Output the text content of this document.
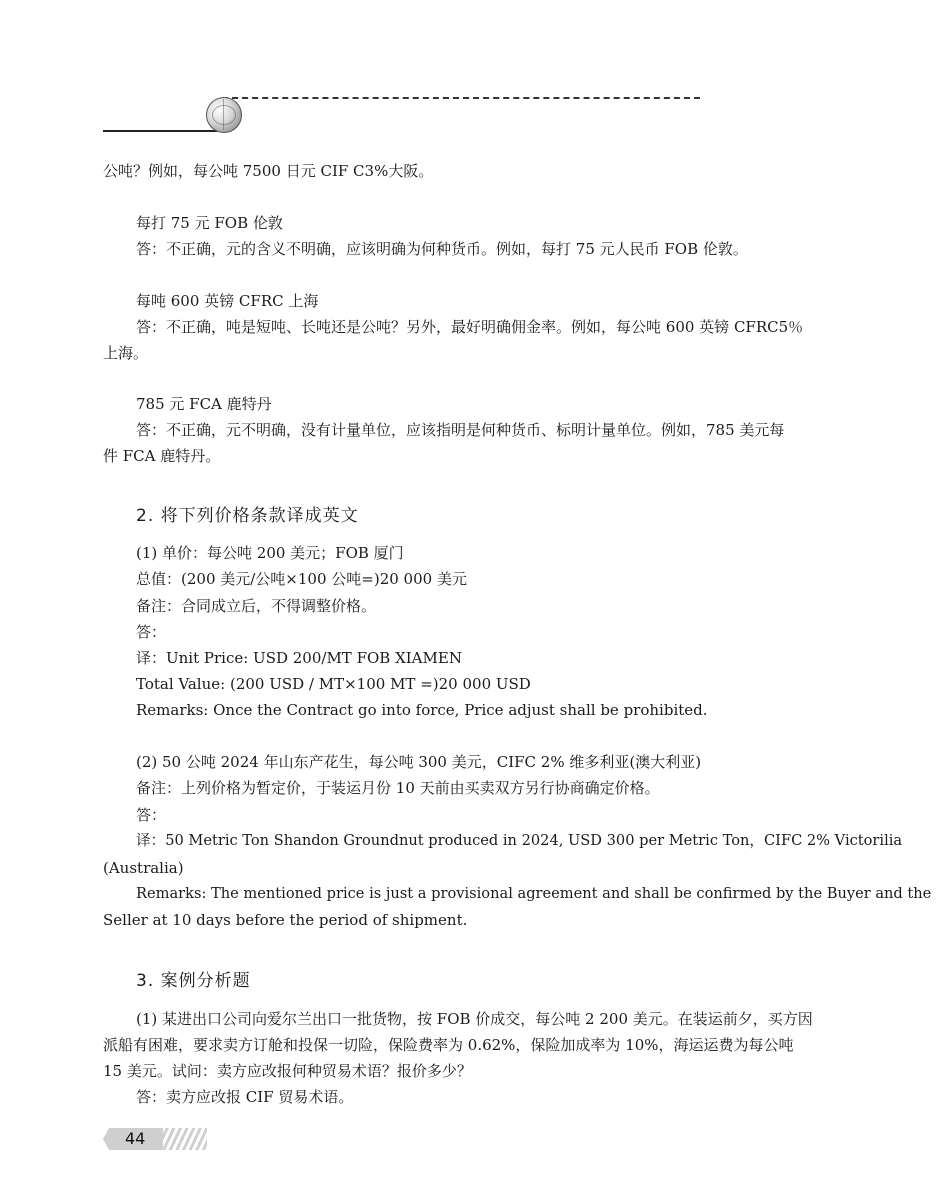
公吨？例如，每公吨 7500 日元 CIF C3%大阪。
每打 75 元 FOB 伦敦
答：不正确，元的含义不明确，应该明确为何种货币。例如，每打 75 元人民币 FOB 伦敦。
每吨 600 英镑 CFRC 上海
答：不正确，吨是短吨、长吨还是公吨？另外，最好明确佣金率。例如，每公吨 600 英镑 CFRC5％
上海。
785 元 FCA 鹿特丹
答：不正确，元不明确，没有计量单位，应该指明是何种货币、标明计量单位。例如，785 美元每
件 FCA 鹿特丹。
2. 将下列价格条款译成英文
(1) 单价：每公吨 200 美元；FOB 厦门
总值：(200 美元/公吨×100 公吨=)20 000 美元
备注：合同成立后，不得调整价格。
答：
译：Unit Price: USD 200/MT FOB XIAMEN
Total Value: (200 USD / MT×100 MT =)20 000 USD
Remarks: Once the Contract go into force, Price adjust shall be prohibited.
(2) 50 公吨 2024 年山东产花生，每公吨 300 美元，CIFC 2% 维多利亚(澳大利亚)
备注：上列价格为暂定价，于装运月份 10 天前由买卖双方另行协商确定价格。
答：
译：50 Metric Ton Shandon Groundnut produced in 2024, USD 300 per Metric Ton，CIFC 2% Victorilia
(Australia)
Remarks: The mentioned price is just a provisional agreement and shall be confirmed by the Buyer and the
Seller at 10 days before the period of shipment.
3. 案例分析题
(1) 某进出口公司向爱尔兰出口一批货物，按 FOB 价成交，每公吨 2 200 美元。在装运前夕，买方因
派船有困难，要求卖方订舱和投保一切险，保险费率为 0.62%，保险加成率为 10%，海运运费为每公吨
15 美元。试问：卖方应改报何种贸易术语？报价多少？
答：卖方应改报 CIF 贸易术语。
44
